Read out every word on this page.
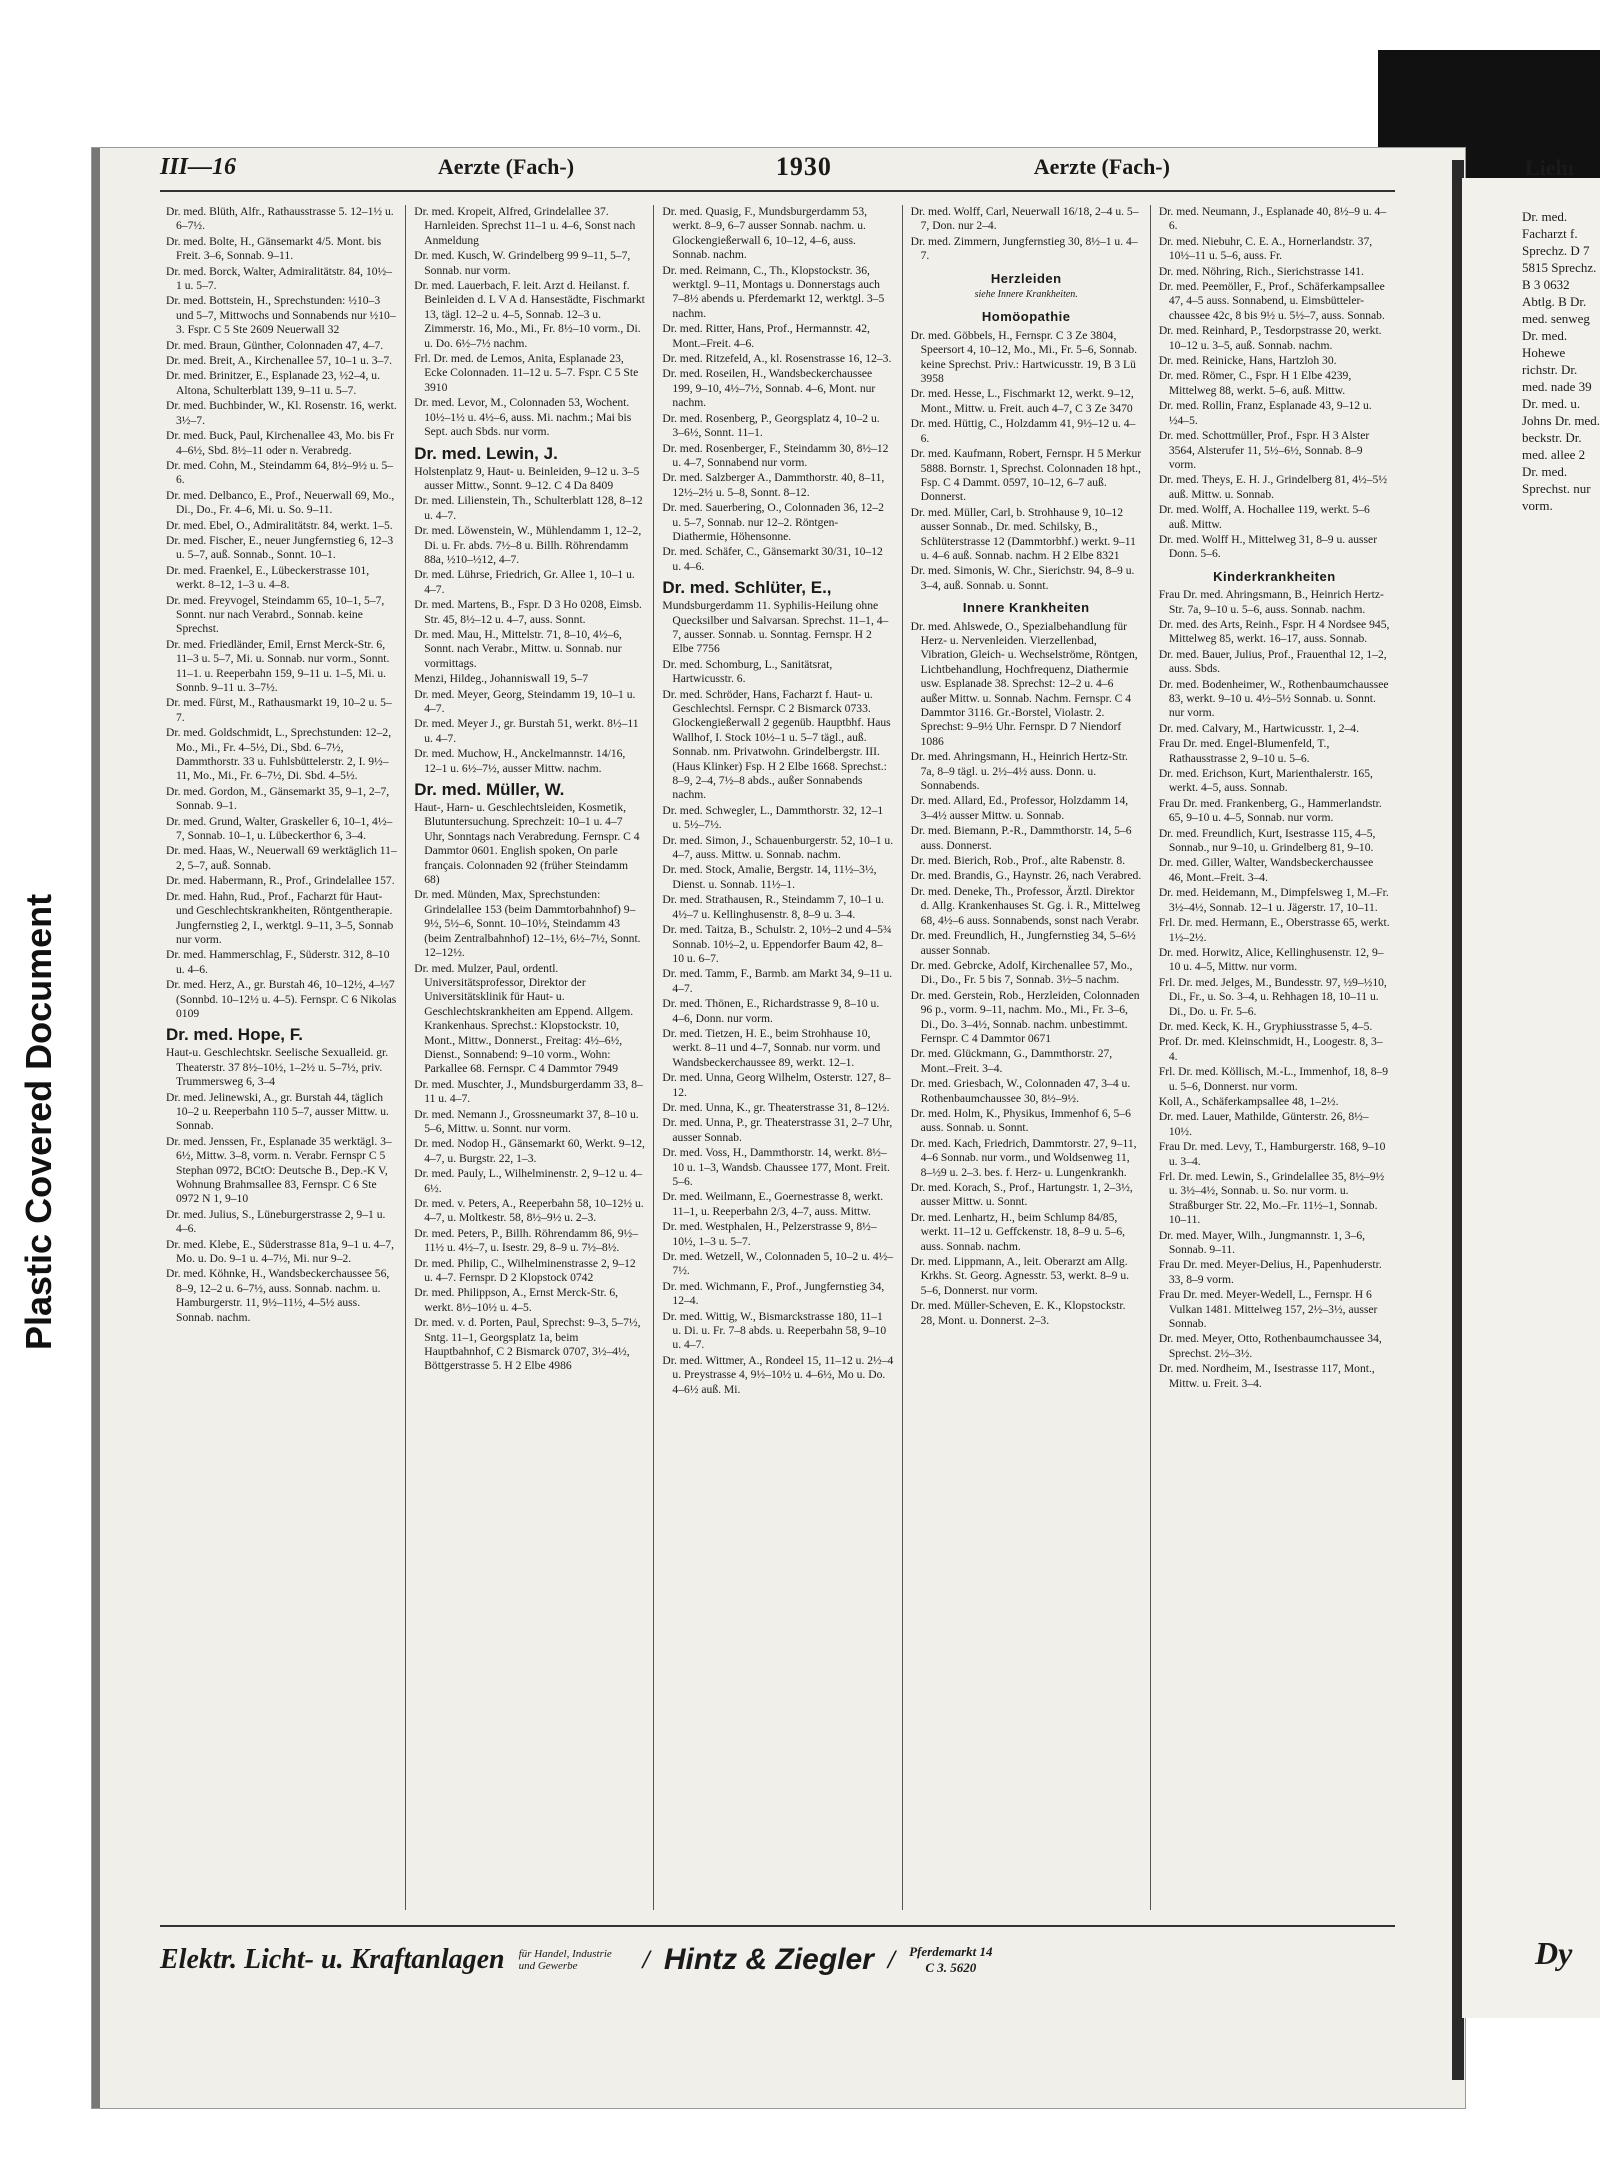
Dr. med. Facharzt f. Sprechz. D 7 5815 Sprechz. B 3 0632 Abtlg. B Dr. med. senweg Dr. med. Hohewe richstr. Dr. med. nade 39 Dr. med. u. Johns Dr. med. beckstr. Dr. med. allee 2 Dr. med. Sprechst. nur vorm.
Plastic Covered Document
III—16	Aerzte (Fach-)	1930	Aerzte (Fach-)	Liehı

Dr. med. Blüth, Alfr., Rathausstrasse 5. 12–1½ u. 6–7½.

Dr. med. Bolte, H., Gänsemarkt 4/5. Mont. bis Freit. 3–6, Sonnab. 9–11.

Dr. med. Borck, Walter, Admiralitätstr. 84, 10½–1 u. 5–7.

Dr. med. Bottstein, H., Sprechstunden: ½10–3 und 5–7, Mittwochs und Sonnabends nur ½10–3. Fspr. C 5 Ste 2609 Neuerwall 32

Dr. med. Braun, Günther, Colonnaden 47, 4–7.

Dr. med. Breit, A., Kirchenallee 57, 10–1 u. 3–7.

Dr. med. Brinitzer, E., Esplanade 23, ½2–4, u. Altona, Schulterblatt 139, 9–11 u. 5–7.

Dr. med. Buchbinder, W., Kl. Rosenstr. 16, werkt. 3½–7.

Dr. med. Buck, Paul, Kirchenallee 43, Mo. bis Fr 4–6½, Sbd. 8½–11 oder n. Verabredg.

Dr. med. Cohn, M., Steindamm 64, 8½–9½ u. 5–6.

Dr. med. Delbanco, E., Prof., Neuerwall 69, Mo., Di., Do., Fr. 4–6, Mi. u. So. 9–11.

Dr. med. Ebel, O., Admiralitätstr. 84, werkt. 1–5.

Dr. med. Fischer, E., neuer Jungfernstieg 6, 12–3 u. 5–7, auß. Sonnab., Sonnt. 10–1.

Dr. med. Fraenkel, E., Lübeckerstrasse 101, werkt. 8–12, 1–3 u. 4–8.

Dr. med. Freyvogel, Steindamm 65, 10–1, 5–7, Sonnt. nur nach Verabrd., Sonnab. keine Sprechst.

Dr. med. Friedländer, Emil, Ernst Merck-Str. 6, 11–3 u. 5–7, Mi. u. Sonnab. nur vorm., Sonnt. 11–1. u. Reeperbahn 159, 9–11 u. 1–5, Mi. u. Sonnb. 9–11 u. 3–7½.

Dr. med. Fürst, M., Rathausmarkt 19, 10–2 u. 5–7.

Dr. med. Goldschmidt, L., Sprechstunden: 12–2, Mo., Mi., Fr. 4–5½, Di., Sbd. 6–7½, Dammthorstr. 33 u. Fuhlsbüttelerstr. 2, I. 9½–11, Mo., Mi., Fr. 6–7½, Di. Sbd. 4–5½.

Dr. med. Gordon, M., Gänsemarkt 35, 9–1, 2–7, Sonnab. 9–1.

Dr. med. Grund, Walter, Graskeller 6, 10–1, 4½–7, Sonnab. 10–1, u. Lübeckerthor 6, 3–4.

Dr. med. Haas, W., Neuerwall 69 werktäglich 11–2, 5–7, auß. Sonnab.

Dr. med. Habermann, R., Prof., Grindelallee 157.

Dr. med. Hahn, Rud., Prof., Facharzt für Haut- und Geschlechtskrankheiten, Röntgentherapie. Jungfernstieg 2, I., werktgl. 9–11, 3–5, Sonnab nur vorm.

Dr. med. Hammerschlag, F., Süderstr. 312, 8–10 u. 4–6.

Dr. med. Herz, A., gr. Burstah 46, 10–12½, 4–½7 (Sonnbd. 10–12½ u. 4–5). Fernspr. C 6 Nikolas 0109

Dr. med. Hope, F.

Haut-u. Geschlechtskr. Seelische Sexualleid. gr. Theaterstr. 37 8½–10½, 1–2½ u. 5–7½, priv. Trummersweg 6, 3–4

Dr. med. Jelinewski, A., gr. Burstah 44, täglich 10–2 u. Reeperbahn 110 5–7, ausser Mittw. u. Sonnab.

Dr. med. Jenssen, Fr., Esplanade 35 werktägl. 3–6½, Mittw. 3–8, vorm. n. Verabr. Fernspr C 5 Stephan 0972, BCtO: Deutsche B., Dep.-K V, Wohnung Brahmsallee 83, Fernspr. C 6 Ste 0972 N 1, 9–10

Dr. med. Julius, S., Lüneburgerstrasse 2, 9–1 u. 4–6.

Dr. med. Klebe, E., Süderstrasse 81a, 9–1 u. 4–7, Mo. u. Do. 9–1 u. 4–7½, Mi. nur 9–2.

Dr. med. Köhnke, H., Wandsbeckerchaussee 56, 8–9, 12–2 u. 6–7½, auss. Sonnab. nachm. u. Hamburgerstr. 11, 9½–11½, 4–5½ auss. Sonnab. nachm.

Dr. med. Kropeit, Alfred, Grindelallee 37. Harnleiden. Sprechst 11–1 u. 4–6, Sonst nach Anmeldung

Dr. med. Kusch, W. Grindelberg 99 9–11, 5–7, Sonnab. nur vorm.

Dr. med. Lauerbach, F. leit. Arzt d. Heilanst. f. Beinleiden d. L V A d. Hansestädte, Fischmarkt 13, tägl. 12–2 u. 4–5, Sonnab. 12–3 u. Zimmerstr. 16, Mo., Mi., Fr. 8½–10 vorm., Di. u. Do. 6½–7½ nachm.

Frl. Dr. med. de Lemos, Anita, Esplanade 23, Ecke Colonnaden. 11–12 u. 5–7. Fspr. C 5 Ste 3910

Dr. med. Levor, M., Colonnaden 53, Wochent. 10½–1½ u. 4½–6, auss. Mi. nachm.; Mai bis Sept. auch Sbds. nur vorm.

Dr. med. Lewin, J.

Holstenplatz 9, Haut- u. Beinleiden, 9–12 u. 3–5 ausser Mittw., Sonnt. 9–12. C 4 Da 8409

Dr. med. Lilienstein, Th., Schulterblatt 128, 8–12 u. 4–7.

Dr. med. Löwenstein, W., Mühlendamm 1, 12–2, Di. u. Fr. abds. 7½–8 u. Billh. Röhrendamm 88a, ½10–½12, 4–7.

Dr. med. Lührse, Friedrich, Gr. Allee 1, 10–1 u. 4–7.

Dr. med. Martens, B., Fspr. D 3 Ho 0208, Eimsb. Str. 45, 8½–12 u. 4–7, auss. Sonnt.

Dr. med. Mau, H., Mittelstr. 71, 8–10, 4½–6, Sonnt. nach Verabr., Mittw. u. Sonnab. nur vormittags.

Menzi, Hildeg., Johanniswall 19, 5–7

Dr. med. Meyer, Georg, Steindamm 19, 10–1 u. 4–7.

Dr. med. Meyer J., gr. Burstah 51, werkt. 8½–11 u. 4–7.

Dr. med. Muchow, H., Anckelmannstr. 14/16, 12–1 u. 6½–7½, ausser Mittw. nachm.

Dr. med. Müller, W.

Haut-, Harn- u. Geschlechtsleiden, Kosmetik, Blutuntersuchung. Sprechzeit: 10–1 u. 4–7 Uhr, Sonntags nach Verabredung. Fernspr. C 4 Dammtor 0601. English spoken, On parle français. Colonnaden 92 (früher Steindamm 68)

Dr. med. Münden, Max, Sprechstunden: Grindelallee 153 (beim Dammtorbahnhof) 9–9½, 5½–6, Sonnt. 10–10½, Steindamm 43 (beim Zentralbahnhof) 12–1½, 6½–7½, Sonnt. 12–12½.

Dr. med. Mulzer, Paul, ordentl. Universitätsprofessor, Direktor der Universitätsklinik für Haut- u. Geschlechtskrankheiten am Eppend. Allgem. Krankenhaus. Sprechst.: Klopstockstr. 10, Mont., Mittw., Donnerst., Freitag: 4½–6½, Dienst., Sonnabend: 9–10 vorm., Wohn: Parkallee 68. Fernspr. C 4 Dammtor 7949

Dr. med. Muschter, J., Mundsburgerdamm 33, 8–11 u. 4–7.

Dr. med. Nemann J., Grossneumarkt 37, 8–10 u. 5–6, Mittw. u. Sonnt. nur vorm.

Dr. med. Nodop H., Gänsemarkt 60, Werkt. 9–12, 4–7, u. Burgstr. 22, 1–3.

Dr. med. Pauly, L., Wilhelminenstr. 2, 9–12 u. 4–6½.

Dr. med. v. Peters, A., Reeperbahn 58, 10–12½ u. 4–7, u. Moltkestr. 58, 8½–9½ u. 2–3.

Dr. med. Peters, P., Billh. Röhrendamm 86, 9½–11½ u. 4½–7, u. Isestr. 29, 8–9 u. 7½–8½.

Dr. med. Philip, C., Wilhelminenstrasse 2, 9–12 u. 4–7. Fernspr. D 2 Klopstock 0742

Dr. med. Philippson, A., Ernst Merck-Str. 6, werkt. 8½–10½ u. 4–5.

Dr. med. v. d. Porten, Paul, Sprechst: 9–3, 5–7½, Sntg. 11–1, Georgsplatz 1a, beim Hauptbahnhof, C 2 Bismarck 0707, 3½–4½, Böttgerstrasse 5. H 2 Elbe 4986

Dr. med. Quasig, F., Mundsburgerdamm 53, werkt. 8–9, 6–7 ausser Sonnab. nachm. u. Glockengießerwall 6, 10–12, 4–6, auss. Sonnab. nachm.

Dr. med. Reimann, C., Th., Klopstockstr. 36, werktgl. 9–11, Montags u. Donnerstags auch 7–8½ abends u. Pferdemarkt 12, werktgl. 3–5 nachm.

Dr. med. Ritter, Hans, Prof., Hermannstr. 42, Mont.–Freit. 4–6.

Dr. med. Ritzefeld, A., kl. Rosenstrasse 16, 12–3.

Dr. med. Roseilen, H., Wandsbeckerchaussee 199, 9–10, 4½–7½, Sonnab. 4–6, Mont. nur nachm.

Dr. med. Rosenberg, P., Georgsplatz 4, 10–2 u. 3–6½, Sonnt. 11–1.

Dr. med. Rosenberger, F., Steindamm 30, 8½–12 u. 4–7, Sonnabend nur vorm.

Dr. med. Salzberger A., Dammthorstr. 40, 8–11, 12½–2½ u. 5–8, Sonnt. 8–12.

Dr. med. Sauerbering, O., Colonnaden 36, 12–2 u. 5–7, Sonnab. nur 12–2. Röntgen- Diathermie, Höhensonne.

Dr. med. Schäfer, C., Gänsemarkt 30/31, 10–12 u. 4–6.

Dr. med. Schlüter, E.,

Mundsburgerdamm 11. Syphilis-Heilung ohne Quecksilber und Salvarsan. Sprechst. 11–1, 4–7, ausser. Sonnab. u. Sonntag. Fernspr. H 2 Elbe 7756

Dr. med. Schomburg, L., Sanitätsrat, Hartwicusstr. 6.

Dr. med. Schröder, Hans, Facharzt f. Haut- u. Geschlechtsl. Fernspr. C 2 Bismarck 0733. Glockengießerwall 2 gegenüb. Hauptbhf. Haus Wallhof, I. Stock 10½–1 u. 5–7 tägl., auß. Sonnab. nm. Privatwohn. Grindelbergstr. III. (Haus Klinker) Fsp. H 2 Elbe 1668. Sprechst.: 8–9, 2–4, 7½–8 abds., außer Sonnabends nachm.

Dr. med. Schwegler, L., Dammthorstr. 32, 12–1 u. 5½–7½.

Dr. med. Simon, J., Schauenburgerstr. 52, 10–1 u. 4–7, auss. Mittw. u. Sonnab. nachm.

Dr. med. Stock, Amalie, Bergstr. 14, 11½–3½, Dienst. u. Sonnab. 11½–1.

Dr. med. Strathausen, R., Steindamm 7, 10–1 u. 4½–7 u. Kellinghusenstr. 8, 8–9 u. 3–4.

Dr. med. Taitza, B., Schulstr. 2, 10½–2 und 4–5¾ Sonnab. 10½–2, u. Eppendorfer Baum 42, 8–10 u. 6–7.

Dr. med. Tamm, F., Barmb. am Markt 34, 9–11 u. 4–7.

Dr. med. Thönen, E., Richardstrasse 9, 8–10 u. 4–6, Donn. nur vorm.

Dr. med. Tietzen, H. E., beim Strohhause 10, werkt. 8–11 und 4–7, Sonnab. nur vorm. und Wandsbeckerchaussee 89, werkt. 12–1.

Dr. med. Unna, Georg Wilhelm, Osterstr. 127, 8–12.

Dr. med. Unna, K., gr. Theaterstrasse 31, 8–12½.

Dr. med. Unna, P., gr. Theaterstrasse 31, 2–7 Uhr, ausser Sonnab.

Dr. med. Voss, H., Dammthorstr. 14, werkt. 8½–10 u. 1–3, Wandsb. Chaussee 177, Mont. Freit. 5–6.

Dr. med. Weilmann, E., Goernestrasse 8, werkt. 11–1, u. Reeperbahn 2/3, 4–7, auss. Mittw.

Dr. med. Westphalen, H., Pelzerstrasse 9, 8½–10½, 1–3 u. 5–7.

Dr. med. Wetzell, W., Colonnaden 5, 10–2 u. 4½–7½.

Dr. med. Wichmann, F., Prof., Jungfernstieg 34, 12–4.

Dr. med. Wittig, W., Bismarckstrasse 180, 11–1 u. Di. u. Fr. 7–8 abds. u. Reeperbahn 58, 9–10 u. 4–7.

Dr. med. Wittmer, A., Rondeel 15, 11–12 u. 2½–4 u. Preystrasse 4, 9½–10½ u. 4–6½, Mo u. Do. 4–6½ auß. Mi.

Dr. med. Wolff, Carl, Neuerwall 16/18, 2–4 u. 5–7, Don. nur 2–4.

Dr. med. Zimmern, Jungfernstieg 30, 8½–1 u. 4–7.

Herzleiden
siehe Innere Krankheiten.
Homöopathie

Dr. med. Göbbels, H., Fernspr. C 3 Ze 3804, Speersort 4, 10–12, Mo., Mi., Fr. 5–6, Sonnab. keine Sprechst. Priv.: Hartwicusstr. 19, B 3 Lü 3958

Dr. med. Hesse, L., Fischmarkt 12, werkt. 9–12, Mont., Mittw. u. Freit. auch 4–7, C 3 Ze 3470

Dr. med. Hüttig, C., Holzdamm 41, 9½–12 u. 4–6.

Dr. med. Kaufmann, Robert, Fernspr. H 5 Merkur 5888. Bornstr. 1, Sprechst. Colonnaden 18 hpt., Fsp. C 4 Dammt. 0597, 10–12, 6–7 auß. Donnerst.

Dr. med. Müller, Carl, b. Strohhause 9, 10–12 ausser Sonnab., Dr. med. Schilsky, B., Schlüterstrasse 12 (Dammtorbhf.) werkt. 9–11 u. 4–6 auß. Sonnab. nachm. H 2 Elbe 8321

Dr. med. Simonis, W. Chr., Sierichstr. 94, 8–9 u. 3–4, auß. Sonnab. u. Sonnt.

Innere Krankheiten

Dr. med. Ahlswede, O., Spezialbehandlung für Herz- u. Nervenleiden. Vierzellenbad, Vibration, Gleich- u. Wechselströme, Röntgen, Lichtbehandlung, Hochfrequenz, Diathermie usw. Esplanade 38. Sprechst: 12–2 u. 4–6 außer Mittw. u. Sonnab. Nachm. Fernspr. C 4 Dammtor 3116. Gr.-Borstel, Violastr. 2. Sprechst: 9–9½ Uhr. Fernspr. D 7 Niendorf 1086

Dr. med. Ahringsmann, H., Heinrich Hertz-Str. 7a, 8–9 tägl. u. 2½–4½ auss. Donn. u. Sonnabends.

Dr. med. Allard, Ed., Professor, Holzdamm 14, 3–4½ ausser Mittw. u. Sonnab.

Dr. med. Biemann, P.-R., Dammthorstr. 14, 5–6 auss. Donnerst.

Dr. med. Bierich, Rob., Prof., alte Rabenstr. 8.

Dr. med. Brandis, G., Haynstr. 26, nach Verabred.

Dr. med. Deneke, Th., Professor, Ärztl. Direktor d. Allg. Krankenhauses St. Gg. i. R., Mittelweg 68, 4½–6 auss. Sonnabends, sonst nach Verabr.

Dr. med. Freundlich, H., Jungfernstieg 34, 5–6½ ausser Sonnab.

Dr. med. Gebrcke, Adolf, Kirchenallee 57, Mo., Di., Do., Fr. 5 bis 7, Sonnab. 3½–5 nachm.

Dr. med. Gerstein, Rob., Herzleiden, Colonnaden 96 p., vorm. 9–11, nachm. Mo., Mi., Fr. 3–6, Di., Do. 3–4½, Sonnab. nachm. unbestimmt. Fernspr. C 4 Dammtor 0671

Dr. med. Glückmann, G., Dammthorstr. 27, Mont.–Freit. 3–4.

Dr. med. Griesbach, W., Colonnaden 47, 3–4 u. Rothenbaumchaussee 30, 8½–9½.

Dr. med. Holm, K., Physikus, Immenhof 6, 5–6 auss. Sonnab. u. Sonnt.

Dr. med. Kach, Friedrich, Dammtorstr. 27, 9–11, 4–6 Sonnab. nur vorm., und Woldsenweg 11, 8–½9 u. 2–3. bes. f. Herz- u. Lungenkrankh.

Dr. med. Korach, S., Prof., Hartungstr. 1, 2–3½, ausser Mittw. u. Sonnt.

Dr. med. Lenhartz, H., beim Schlump 84/85, werkt. 11–12 u. Geffckenstr. 18, 8–9 u. 5–6, auss. Sonnab. nachm.

Dr. med. Lippmann, A., leit. Oberarzt am Allg. Krkhs. St. Georg. Agnesstr. 53, werkt. 8–9 u. 5–6, Donnerst. nur vorm.

Dr. med. Müller-Scheven, E. K., Klopstockstr. 28, Mont. u. Donnerst. 2–3.

Dr. med. Neumann, J., Esplanade 40, 8½–9 u. 4–6.

Dr. med. Niebuhr, C. E. A., Hornerlandstr. 37, 10½–11 u. 5–6, auss. Fr.

Dr. med. Nöhring, Rich., Sierichstrasse 141.

Dr. med. Peemöller, F., Prof., Schäferkampsallee 47, 4–5 auss. Sonnabend, u. Eimsbütteler-chaussee 42c, 8 bis 9½ u. 5½–7, auss. Sonnab.

Dr. med. Reinhard, P., Tesdorpstrasse 20, werkt. 10–12 u. 3–5, auß. Sonnab. nachm.

Dr. med. Reinicke, Hans, Hartzloh 30.

Dr. med. Römer, C., Fspr. H 1 Elbe 4239, Mittelweg 88, werkt. 5–6, auß. Mittw.

Dr. med. Rollin, Franz, Esplanade 43, 9–12 u. ½4–5.

Dr. med. Schottmüller, Prof., Fspr. H 3 Alster 3564, Alsterufer 11, 5½–6½, Sonnab. 8–9 vorm.

Dr. med. Theys, E. H. J., Grindelberg 81, 4½–5½ auß. Mittw. u. Sonnab.

Dr. med. Wolff, A. Hochallee 119, werkt. 5–6 auß. Mittw.

Dr. med. Wolff H., Mittelweg 31, 8–9 u. ausser Donn. 5–6.

Kinderkrankheiten

Frau Dr. med. Ahringsmann, B., Heinrich Hertz-Str. 7a, 9–10 u. 5–6, auss. Sonnab. nachm.

Dr. med. des Arts, Reinh., Fspr. H 4 Nordsee 945, Mittelweg 85, werkt. 16–17, auss. Sonnab.

Dr. med. Bauer, Julius, Prof., Frauenthal 12, 1–2, auss. Sbds.

Dr. med. Bodenheimer, W., Rothenbaumchaussee 83, werkt. 9–10 u. 4½–5½ Sonnab. u. Sonnt. nur vorm.

Dr. med. Calvary, M., Hartwicusstr. 1, 2–4.

Frau Dr. med. Engel-Blumenfeld, T., Rathausstrasse 2, 9–10 u. 5–6.

Dr. med. Erichson, Kurt, Marienthalerstr. 165, werkt. 4–5, auss. Sonnab.

Frau Dr. med. Frankenberg, G., Hammerlandstr. 65, 9–10 u. 4–5, Sonnab. nur vorm.

Dr. med. Freundlich, Kurt, Isestrasse 115, 4–5, Sonnab., nur 9–10, u. Grindelberg 81, 9–10.

Dr. med. Giller, Walter, Wandsbeckerchaussee 46, Mont.–Freit. 3–4.

Dr. med. Heidemann, M., Dimpfelsweg 1, M.–Fr. 3½–4½, Sonnab. 12–1 u. Jägerstr. 17, 10–11.

Frl. Dr. med. Hermann, E., Oberstrasse 65, werkt. 1½–2½.

Dr. med. Horwitz, Alice, Kellinghusenstr. 12, 9–10 u. 4–5, Mittw. nur vorm.

Frl. Dr. med. Jelges, M., Bundesstr. 97, ½9–½10, Di., Fr., u. So. 3–4, u. Rehhagen 18, 10–11 u. Di., Do. u. Fr. 5–6.

Dr. med. Keck, K. H., Gryphiusstrasse 5, 4–5.

Prof. Dr. med. Kleinschmidt, H., Loogestr. 8, 3–4.

Frl. Dr. med. Köllisch, M.-L., Immenhof, 18, 8–9 u. 5–6, Donnerst. nur vorm.

Koll, A., Schäferkampsallee 48, 1–2½.

Dr. med. Lauer, Mathilde, Günterstr. 26, 8½–10½.

Frau Dr. med. Levy, T., Hamburgerstr. 168, 9–10 u. 3–4.

Frl. Dr. med. Lewin, S., Grindelallee 35, 8½–9½ u. 3½–4½, Sonnab. u. So. nur vorm. u. Straßburger Str. 22, Mo.–Fr. 11½–1, Sonnab. 10–11.

Dr. med. Mayer, Wilh., Jungmannstr. 1, 3–6, Sonnab. 9–11.

Frau Dr. med. Meyer-Delius, H., Papenhuderstr. 33, 8–9 vorm.

Frau Dr. med. Meyer-Wedell, L., Fernspr. H 6 Vulkan 1481. Mittelweg 157, 2½–3½, ausser Sonnab.

Dr. med. Meyer, Otto, Rothenbaumchaussee 34, Sprechst. 2½–3½.

Dr. med. Nordheim, M., Isestrasse 117, Mont., Mittw. u. Freit. 3–4.

Elektr. Licht- u. Kraftanlagen für Handel, Industrie und Gewerbe	/ Hintz & Ziegler / Pferdemarkt 14
C 3. 5620	Dy
